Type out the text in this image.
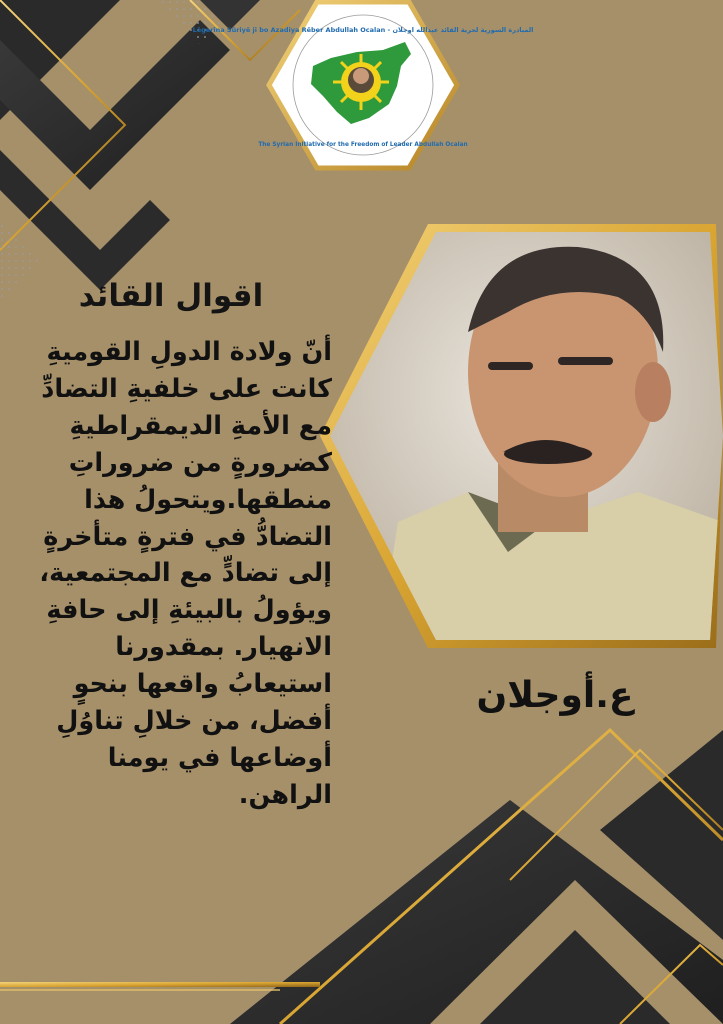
Lêgerîna Sûriyê ji bo Azadiya Rêber Abdullah Ocalan - المبادرة السورية لحرية القائد عبدالله اوجلان
The Syrian Initiative for the Freedom of Leader Abdullah Ocalan
اقوال القائد

أنّ ولادة الدولِ القوميةِ
كانت على خلفيةِ التضادِّ
مع الأمةِ الديمقراطيةِ
كضرورةٍ من ضروراتِ
منطقها.ويتحولُ هذا
التضادُّ في فترةٍ متأخرةٍ
إلى تضادٍّ مع المجتمعية،
ويؤولُ بالبيئةِ إلى حافةِ
الانهيار. بمقدورنا
استيعابُ واقعها بنحوٍ
أفضل، من خلالِ تناوُلِ
أوضاعها في يومنا
الراهن.

ع.أوجلان
